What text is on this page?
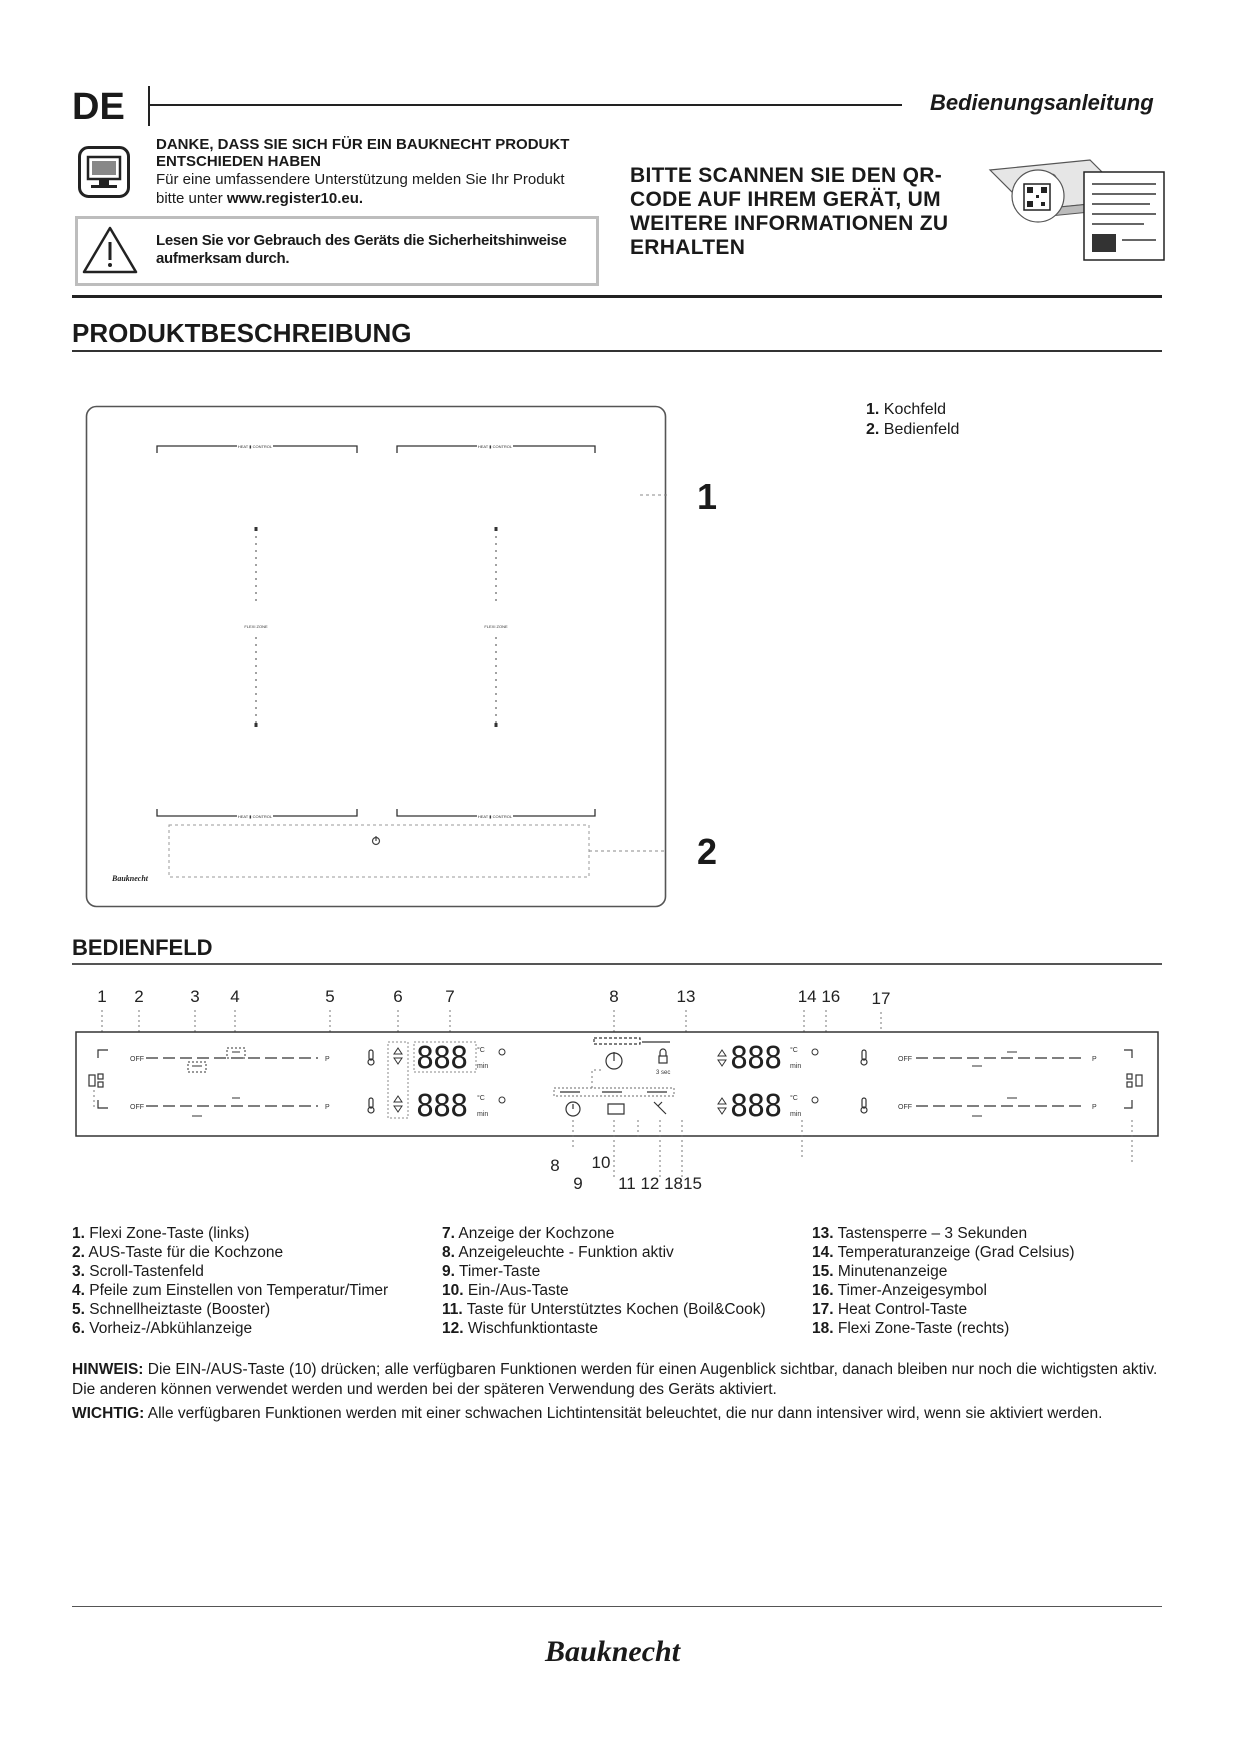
DE	Bedienungsanleitung
DANKE, DASS SIE SICH FÜR EIN BAUKNECHT PRODUKT ENTSCHIEDEN HABEN
Für eine umfassendere Unterstützung melden Sie Ihr Produkt bitte unter www.register10.eu.
Lesen Sie vor Gebrauch des Geräts die Sicherheitshinweise aufmerksam durch.
BITTE SCANNEN SIE DEN QR-CODE AUF IHREM GERÄT, UM WEITERE INFORMATIONEN ZU ERHALTEN
PRODUKTBESCHREIBUNG
HEAT ▮ CONTROL	HEAT ▮ CONTROL
HEAT ▮ CONTROL	HEAT ▮ CONTROL
FLEXI ZONE	FLEXI ZONE
Bauknecht
1
2
1. Kochfeld
2. Bedienfeld
BEDIENFELD
1 2	3 4	5	6	7	8	13	14 16 17
OFF
OFF
P
P
OFF
OFF
P
P
888
888
888
888
°C
min
°C
min
°C
min
°C
min
3 sec
8 10
9 11 12 1815
1. Flexi Zone-Taste (links)
2. AUS-Taste für die Kochzone
3. Scroll-Tastenfeld
4. Pfeile zum Einstellen von Temperatur/Timer
5. Schnellheiztaste (Booster)
6. Vorheiz-/Abkühlanzeige
7. Anzeige der Kochzone
8. Anzeigeleuchte - Funktion aktiv
9. Timer-Taste
10. Ein-/Aus-Taste
11. Taste für Unterstütztes Kochen (Boil&Cook)
12. Wischfunktiontaste
13. Tastensperre – 3 Sekunden
14. Temperaturanzeige (Grad Celsius)
15. Minutenanzeige
16. Timer-Anzeigesymbol
17. Heat Control-Taste
18. Flexi Zone-Taste (rechts)
HINWEIS: Die EIN-/AUS-Taste (10) drücken; alle verfügbaren Funktionen werden für einen Augenblick sichtbar, danach bleiben nur noch die wichtigsten aktiv. Die anderen können verwendet werden und werden bei der späteren Verwendung des Geräts aktiviert.
WICHTIG: Alle verfügbaren Funktionen werden mit einer schwachen Lichtintensität beleuchtet, die nur dann intensiver wird, wenn sie aktiviert werden.
Bauknecht
